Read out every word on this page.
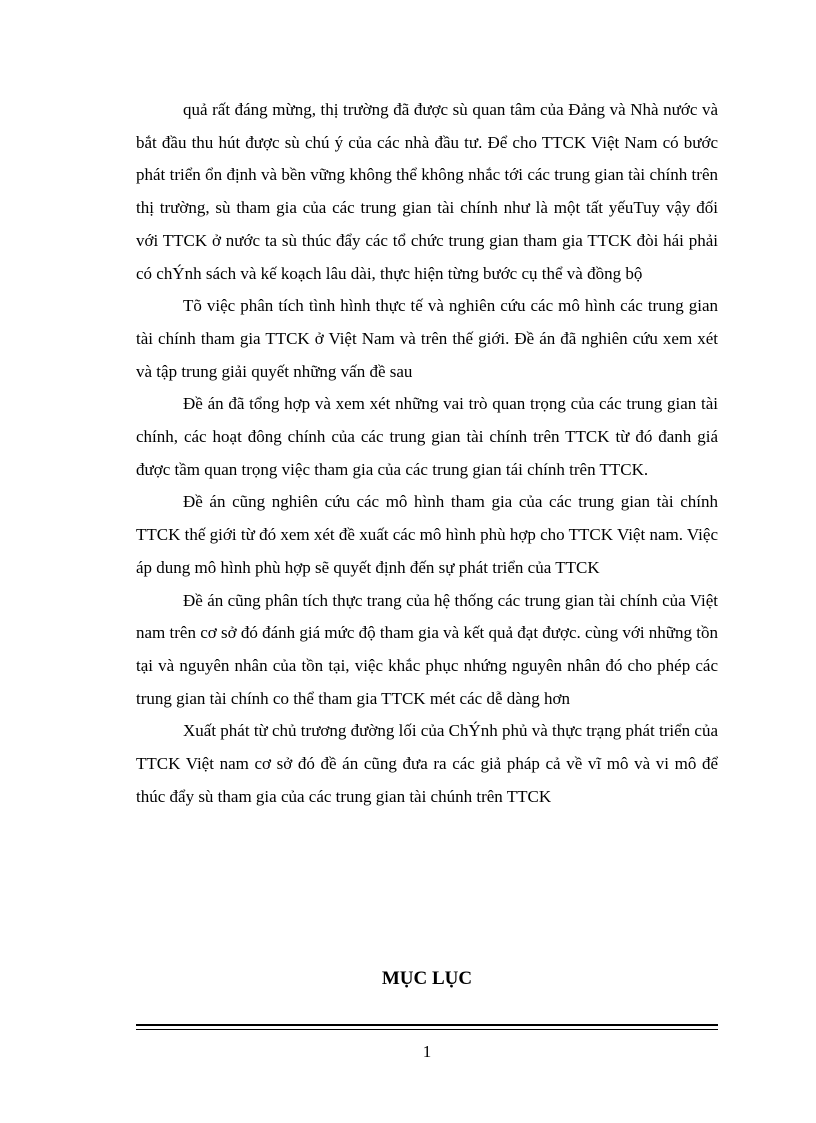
quả rất đáng mừng, thị trường đã được sù quan tâm của Đảng và Nhà nước và bắt đầu thu hút được sù chú ý của các nhà đầu tư. Để cho TTCK Việt Nam có bước phát triển ổn định và bền vững không thể không nhắc tới các trung gian tài chính trên thị trường, sù tham gia của các trung gian tài chính như là một tất yếuTuy vậy đối với TTCK ở nước ta sù thúc đẩy các tổ chức trung gian tham gia TTCK đòi hái phải có chÝnh sách và kế koạch lâu dài, thực hiện từng bước cụ thể và đồng bộ

Tõ việc phân tích tình hình thực tế và nghiên cứu các mô hình các trung gian tài chính tham gia TTCK ở Việt Nam và trên thế giới. Đề án đã nghiên cứu xem xét và tập trung giải quyết những vấn đề sau

Đề án đã tổng hợp và xem xét những vai trò quan trọng của các trung gian tài chính, các hoạt đông chính của các trung gian tài chính trên TTCK từ đó đanh giá được tầm quan trọng việc tham gia của các trung gian tái chính trên TTCK.

Đề án cũng nghiên cứu các mô hình tham gia của các trung gian tài chính TTCK thế giới từ đó xem xét đề xuất các mô hình phù hợp cho TTCK Việt nam. Việc áp dung mô hình phù hợp sẽ quyết định đến sự phát triển của TTCK

Đề án cũng phân tích thực trang của hệ thống các trung gian tài chính của Việt nam trên cơ sở đó đánh giá mức độ tham gia và kết quả đạt được. cùng với những tồn tại và nguyên nhân của tồn tại, việc khắc phục nhứng nguyên nhân đó cho phép các trung gian tài chính co thể tham gia TTCK mét các dễ dàng hơn

Xuất phát từ chủ trương đường lối của ChÝnh phủ và thực trạng phát triển của TTCK Việt nam cơ sở đó đề án cũng đưa ra các giả pháp cả về vĩ mô và vi mô để thúc đẩy sù tham gia của các trung gian tài chúnh trên TTCK

MỤC LỤC

1
